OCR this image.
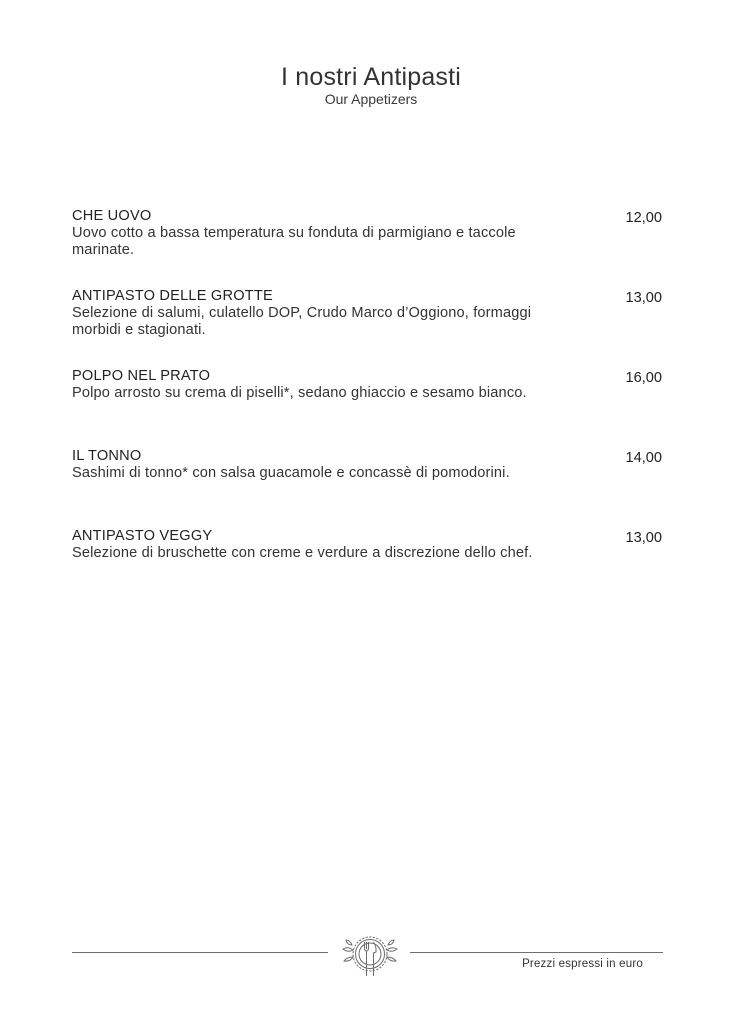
I nostri Antipasti
Our Appetizers
CHE UOVO
Uovo cotto a bassa temperatura su fonduta di parmigiano e taccole marinate.
12,00
ANTIPASTO DELLE GROTTE
Selezione di salumi, culatello DOP, Crudo Marco d’Oggiono, formaggi morbidi e stagionati.
13,00
POLPO NEL PRATO
Polpo arrosto su crema di piselli*, sedano ghiaccio e sesamo bianco.
16,00
IL TONNO
Sashimi di tonno* con salsa guacamole e concassè di pomodorini.
14,00
ANTIPASTO VEGGY
Selezione di bruschette con creme e verdure a discrezione dello chef.
13,00
Prezzi espressi in euro
